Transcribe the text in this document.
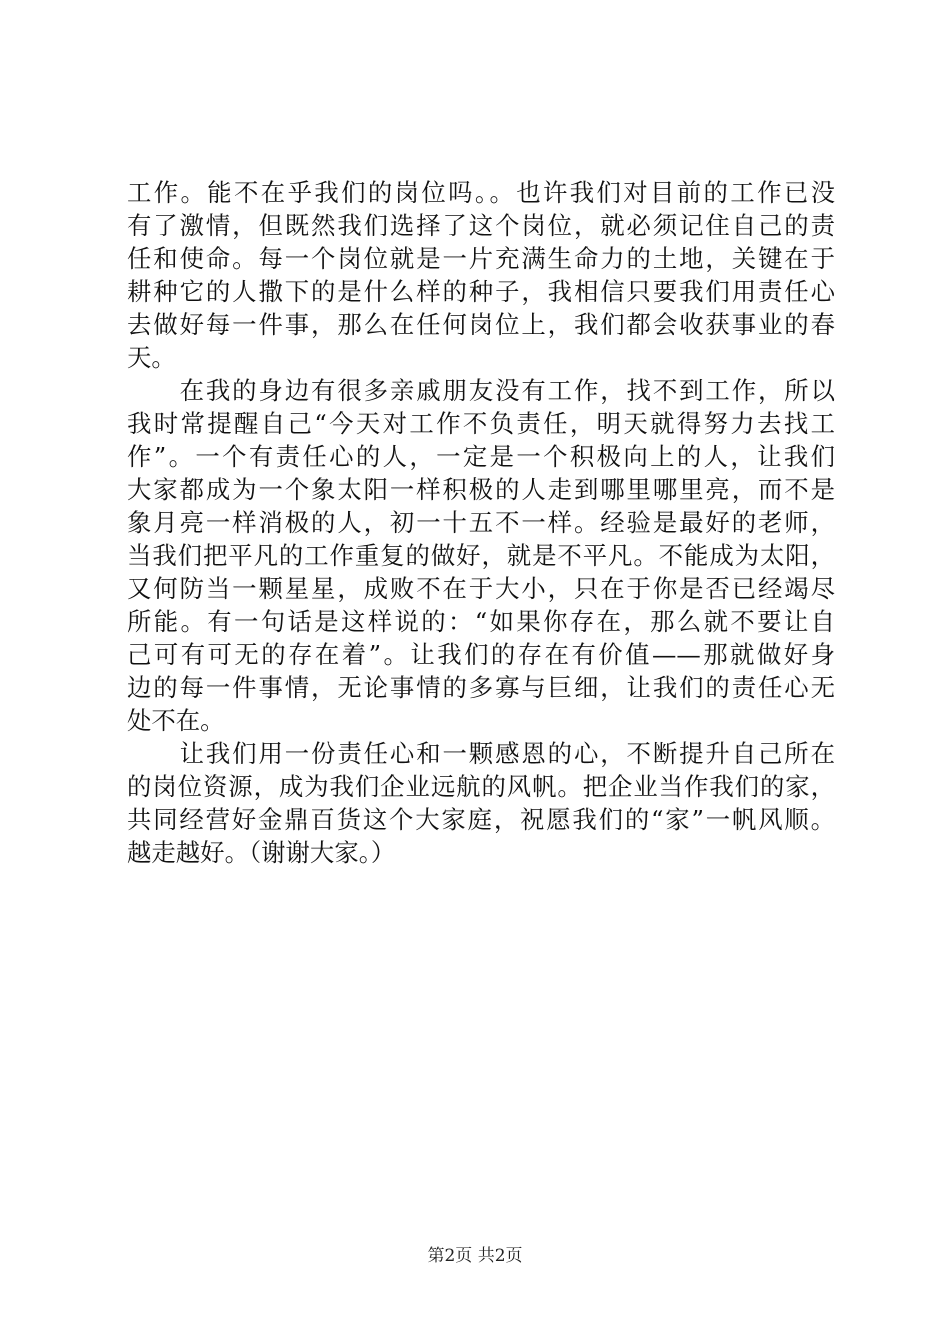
工作。能不在乎我们的岗位吗。。也许我们对目前的工作已没
有了激情，但既然我们选择了这个岗位，就必须记住自己的责
任和使命。每一个岗位就是一片充满生命力的土地，关键在于
耕种它的人撒下的是什么样的种子，我相信只要我们用责任心
去做好每一件事，那么在任何岗位上，我们都会收获事业的春
天。
　　在我的身边有很多亲戚朋友没有工作，找不到工作，所以
我时常提醒自己“今天对工作不负责任，明天就得努力去找工
作”。一个有责任心的人，一定是一个积极向上的人，让我们
大家都成为一个象太阳一样积极的人走到哪里哪里亮，而不是
象月亮一样消极的人，初一十五不一样。经验是最好的老师，
当我们把平凡的工作重复的做好，就是不平凡。不能成为太阳，
又何防当一颗星星，成败不在于大小，只在于你是否已经竭尽
所能。有一句话是这样说的：“如果你存在，那么就不要让自
己可有可无的存在着”。让我们的存在有价值——那就做好身
边的每一件事情，无论事情的多寡与巨细，让我们的责任心无
处不在。
　　让我们用一份责任心和一颗感恩的心，不断提升自己所在
的岗位资源，成为我们企业远航的风帆。把企业当作我们的家，
共同经营好金鼎百货这个大家庭，祝愿我们的“家”一帆风顺。
越走越好。（谢谢大家。）
第2页 共2页
